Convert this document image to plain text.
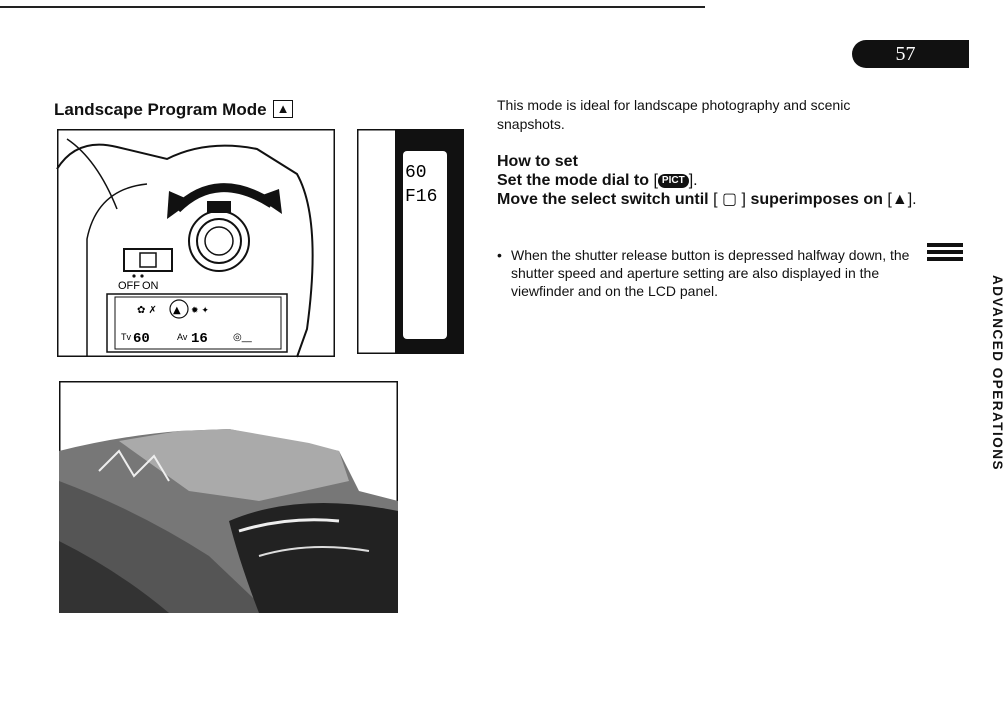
57
Landscape Program Mode ▲
OFF ON
✿ ✗ ▲ ✹ ✦
Tv 60	Av 16	◎__
60
F16

This mode is ideal for landscape photography and scenic snapshots.

How to set

Set the mode dial to [ PICT ].

Move the select switch until [ ▢ ] superimposes on [▲].

• When the shutter release button is depressed halfway down, the shutter speed and aperture setting are also displayed in the viewfinder and on the LCD panel.	ADVANCED OPERATIONS
